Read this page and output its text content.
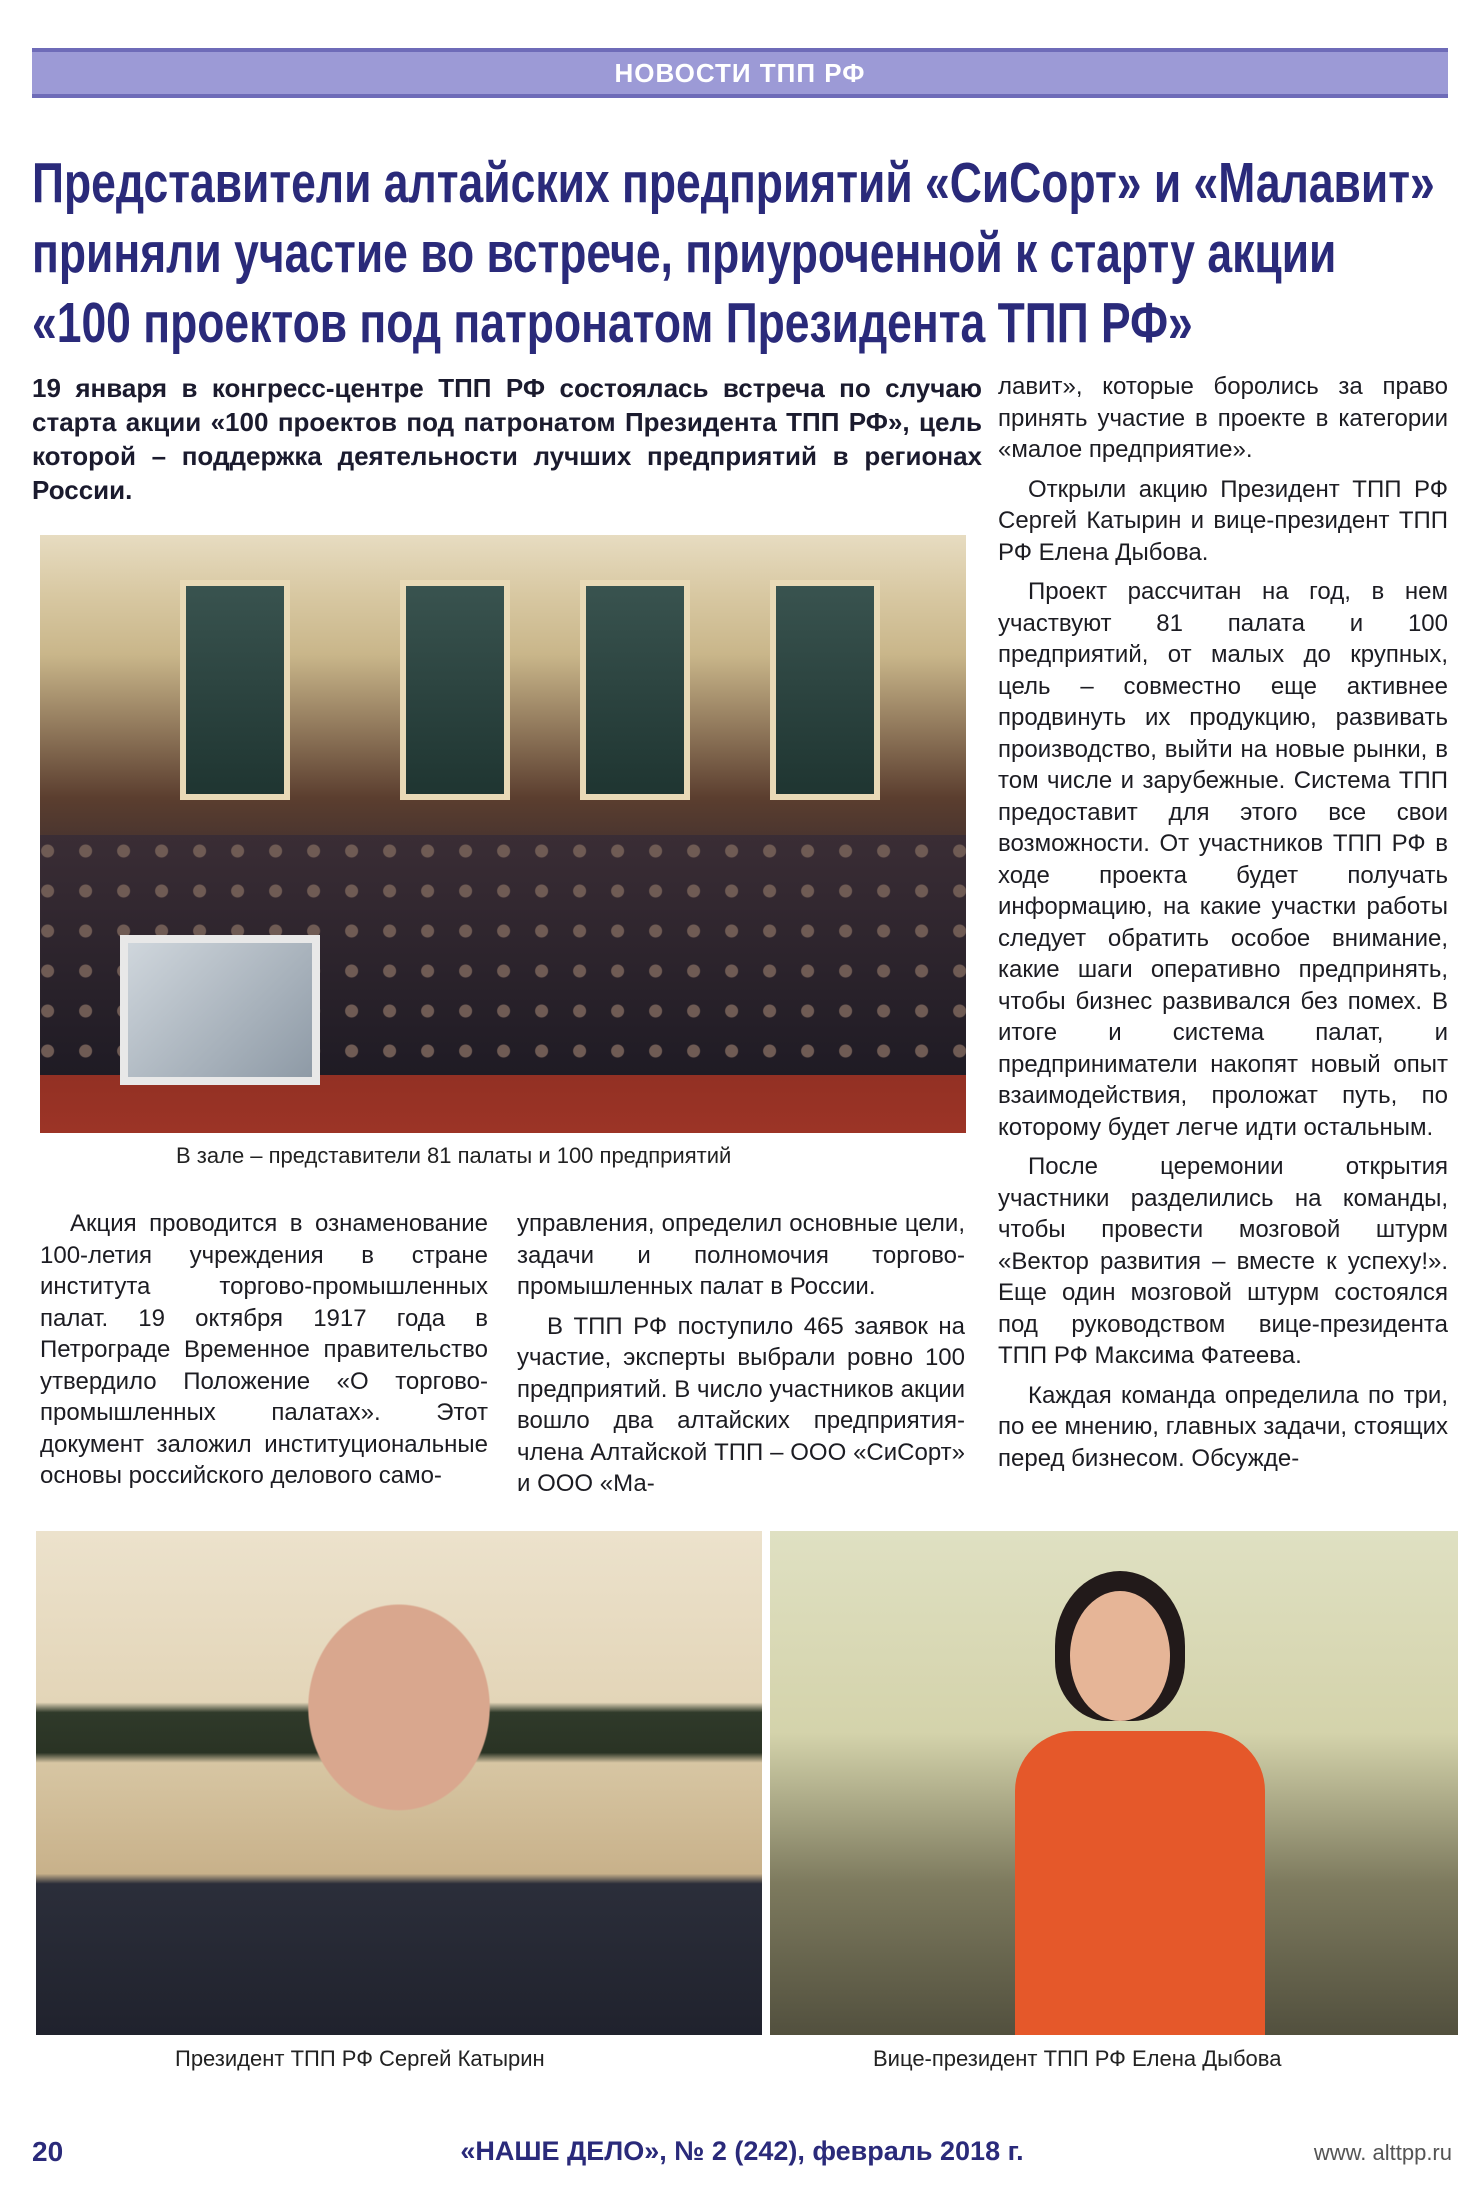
НОВОСТИ ТПП РФ
Представители алтайских предприятий «СиСорт» и «Малавит»
приняли участие во встрече, приуроченной к старту акции
«100 проектов под патронатом Президента ТПП РФ»

19 января в конгресс-центре ТПП РФ состоялась встреча по случаю старта акции «100 проектов под патронатом Президента ТПП РФ», цель которой – поддержка деятельности лучших предприятий в регионах России.

В зале – представители 81 палаты и 100 предприятий

лавит», которые боролись за право принять участие в проекте в категории «малое предприятие».

Открыли акцию Президент ТПП РФ Сергей Катырин и вице-президент ТПП РФ Елена Дыбова.

Проект рассчитан на год, в нем участвуют 81 палата и 100 предприятий, от малых до крупных, цель – совместно еще активнее продвинуть их продукцию, развивать производство, выйти на новые рынки, в том числе и зарубежные. Система ТПП предоставит для этого все свои возможности. От участников ТПП РФ в ходе проекта будет получать информацию, на какие участки работы следует обратить особое внимание, какие шаги оперативно предпринять, чтобы бизнес развивался без помех. В итоге и система палат, и предприниматели накопят новый опыт взаимодействия, проложат путь, по которому будет легче идти остальным.

После церемонии открытия участники разделились на команды, чтобы провести мозговой штурм «Вектор развития – вместе к успеху!». Еще один мозговой штурм состоялся под руководством вице-президента ТПП РФ Максима Фатеева.

Каждая команда определила по три, по ее мнению, главных задачи, стоящих перед бизнесом. Обсужде-

Акция проводится в ознаменование 100-летия учреждения в стране института торгово-промышленных палат. 19 октября 1917 года в Петрограде Временное правительство утвердило Положение «О торгово-промышленных палатах». Этот документ заложил институциональные основы российского делового само-

управления, определил основные цели, задачи и полномочия торгово-промышленных палат в России.

В ТПП РФ поступило 465 заявок на участие, эксперты выбрали ровно 100 предприятий. В число участников акции вошло два алтайских предприятия-члена Алтайской ТПП – ООО «СиСорт» и ООО «Ма-

Президент ТПП РФ Сергей Катырин	Вице-президент ТПП РФ Елена Дыбова

20	«НАШЕ ДЕЛО», № 2 (242), февраль 2018 г.	www. alttpp.ru
